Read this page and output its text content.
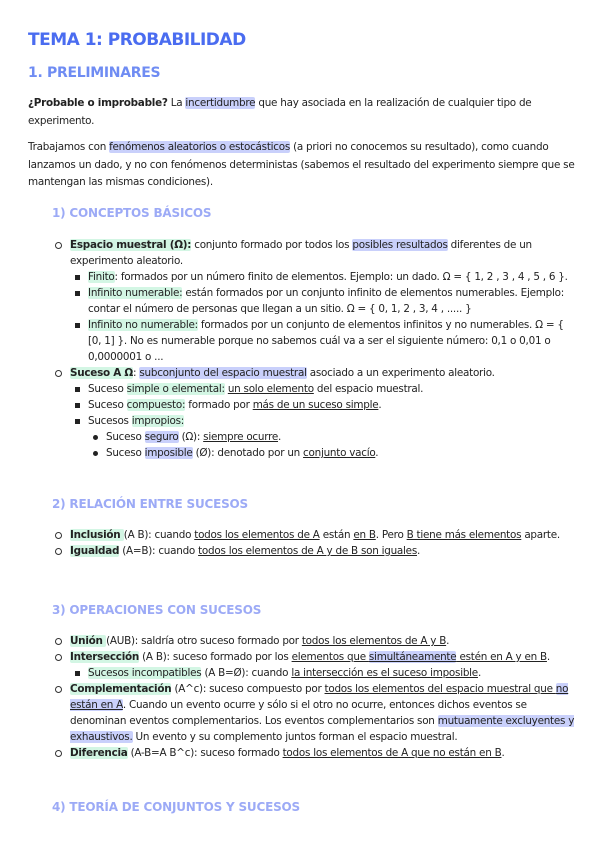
TEMA 1: PROBABILIDAD
1. PRELIMINARES
¿Probable o improbable? La incertidumbre que hay asociada en la realización de cualquier tipo de experimento.
Trabajamos con fenómenos aleatorios o estocásticos (a priori no conocemos su resultado), como cuando lanzamos un dado, y no con fenómenos deterministas (sabemos el resultado del experimento siempre que se mantengan las mismas condiciones).
1) CONCEPTOS BÁSICOS
Espacio muestral (Ω): conjunto formado por todos los posibles resultados diferentes de un experimento aleatorio.
Finito: formados por un número finito de elementos. Ejemplo: un dado. Ω = { 1, 2 , 3 , 4 , 5 , 6 }.
Infinito numerable: están formados por un conjunto infinito de elementos numerables. Ejemplo: contar el número de personas que llegan a un sitio. Ω = { 0, 1, 2 , 3, 4 , ..... }
Infinito no numerable: formados por un conjunto de elementos infinitos y no numerables. Ω = { [0, 1] }. No es numerable porque no sabemos cuál va a ser el siguiente número: 0,1 o 0,01 o 0,0000001 o ...
Suceso A Ω: subconjunto del espacio muestral asociado a un experimento aleatorio.
Suceso simple o elemental: un solo elemento del espacio muestral.
Suceso compuesto: formado por más de un suceso simple.
Sucesos impropios:
Suceso seguro (Ω): siempre ocurre.
Suceso imposible (Ø): denotado por un conjunto vacío.
2) RELACIÓN ENTRE SUCESOS
Inclusión (A B): cuando todos los elementos de A están en B. Pero B tiene más elementos aparte.
Igualdad (A=B): cuando todos los elementos de A y de B son iguales.
3) OPERACIONES CON SUCESOS
Unión (AUB): saldría otro suceso formado por todos los elementos de A y B.
Intersección (A B): suceso formado por los elementos que simultáneamente estén en A y en B.
Sucesos incompatibles (A B=Ø): cuando la intersección es el suceso imposible.
Complementación (A^c): suceso compuesto por todos los elementos del espacio muestral que no están en A. Cuando un evento ocurre y sólo si el otro no ocurre, entonces dichos eventos se denominan eventos complementarios. Los eventos complementarios son mutuamente excluyentes y exhaustivos. Un evento y su complemento juntos forman el espacio muestral.
Diferencia (A-B=A B^c): suceso formado todos los elementos de A que no están en B.
4) TEORÍA DE CONJUNTOS Y SUCESOS
